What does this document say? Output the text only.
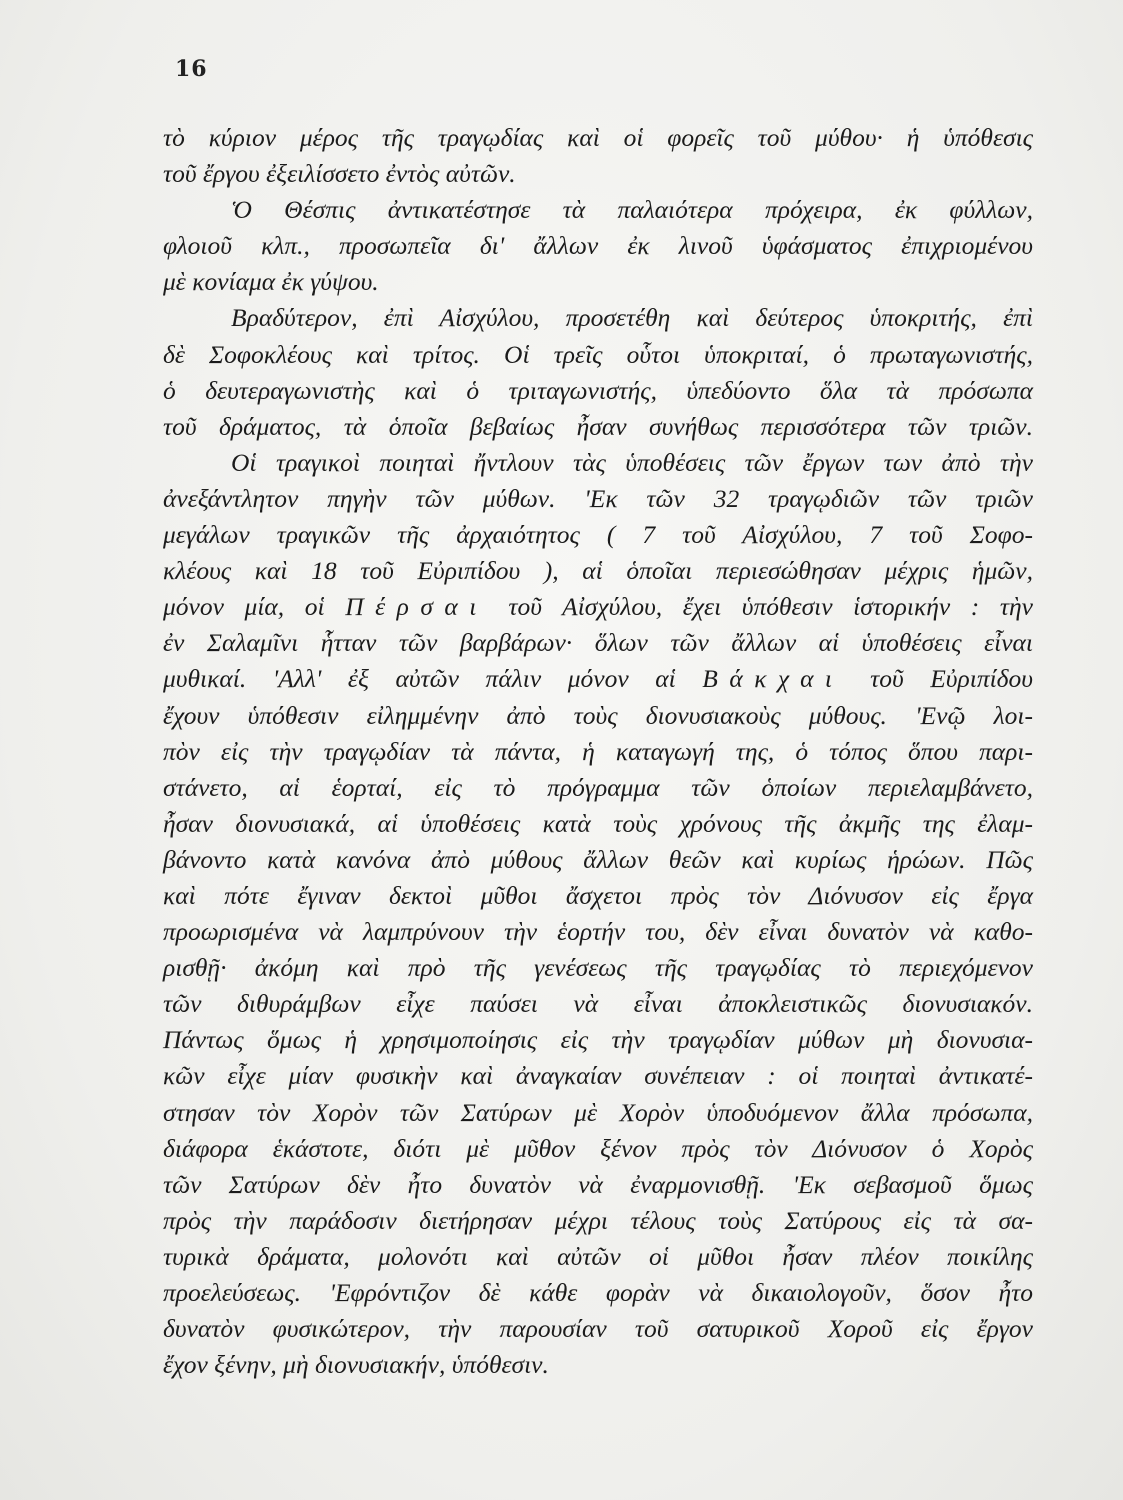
16
τὸ κύριον μέρος τῆς τραγῳδίας καὶ οἱ φορεῖς τοῦ μύθου· ἡ ὑπόθεσις
τοῦ ἔργου ἐξειλίσσετο ἐντὸς αὐτῶν.
Ὁ Θέσπις ἀντικατέστησε τὰ παλαιότερα πρόχειρα, ἐκ φύλλων,
φλοιοῦ κλπ., προσωπεῖα δι' ἄλλων ἐκ λινοῦ ὑφάσματος ἐπιχριομένου
μὲ κονίαμα ἐκ γύψου.
Βραδύτερον, ἐπὶ Αἰσχύλου, προσετέθη καὶ δεύτερος ὑποκριτής, ἐπὶ
δὲ Σοφοκλέους καὶ τρίτος. Οἱ τρεῖς οὗτοι ὑποκριταί, ὁ πρωταγωνιστής,
ὁ δευτεραγωνιστὴς καὶ ὁ τριταγωνιστής, ὑπεδύοντο ὅλα τὰ πρόσωπα
τοῦ δράματος, τὰ ὁποῖα βεβαίως ἦσαν συνήθως περισσότερα τῶν τριῶν.
Οἱ τραγικοὶ ποιηταὶ ἤντλουν τὰς ὑποθέσεις τῶν ἔργων των ἀπὸ τὴν
ἀνεξάντλητον πηγὴν τῶν μύθων. 'Εκ τῶν 32 τραγῳδιῶν τῶν τριῶν
μεγάλων τραγικῶν τῆς ἀρχαιότητος ( 7 τοῦ Αἰσχύλου, 7 τοῦ Σοφο-
κλέους καὶ 18 τοῦ Εὐριπίδου ), αἱ ὁποῖαι περιεσώθησαν μέχρις ἡμῶν,
μόνον μία, οἱ Πέρσαι τοῦ Αἰσχύλου, ἔχει ὑπόθεσιν ἱστορικήν : τὴν
ἐν Σαλαμῖνι ἧτταν τῶν βαρβάρων· ὅλων τῶν ἄλλων αἱ ὑποθέσεις εἶναι
μυθικαί. 'Αλλ' ἐξ αὐτῶν πάλιν μόνον αἱ Βάκχαι τοῦ Εὐριπίδου
ἔχουν ὑπόθεσιν εἰλημμένην ἀπὸ τοὺς διονυσιακοὺς μύθους. 'Ενῷ λοι-
πὸν εἰς τὴν τραγῳδίαν τὰ πάντα, ἡ καταγωγή της, ὁ τόπος ὅπου παρι-
στάνετο, αἱ ἑορταί, εἰς τὸ πρόγραμμα τῶν ὁποίων περιελαμβάνετο,
ἦσαν διονυσιακά, αἱ ὑποθέσεις κατὰ τοὺς χρόνους τῆς ἀκμῆς της ἐλαμ-
βάνοντο κατὰ κανόνα ἀπὸ μύθους ἄλλων θεῶν καὶ κυρίως ἡρώων. Πῶς
καὶ πότε ἔγιναν δεκτοὶ μῦθοι ἄσχετοι πρὸς τὸν Διόνυσον εἰς ἔργα
προωρισμένα νὰ λαμπρύνουν τὴν ἑορτήν του, δὲν εἶναι δυνατὸν νὰ καθο-
ρισθῇ· ἀκόμη καὶ πρὸ τῆς γενέσεως τῆς τραγῳδίας τὸ περιεχόμενον
τῶν διθυράμβων εἶχε παύσει νὰ εἶναι ἀποκλειστικῶς διονυσιακόν.
Πάντως ὅμως ἡ χρησιμοποίησις εἰς τὴν τραγῳδίαν μύθων μὴ διονυσια-
κῶν εἶχε μίαν φυσικὴν καὶ ἀναγκαίαν συνέπειαν : οἱ ποιηταὶ ἀντικατέ-
στησαν τὸν Χορὸν τῶν Σατύρων μὲ Χορὸν ὑποδυόμενον ἄλλα πρόσωπα,
διάφορα ἑκάστοτε, διότι μὲ μῦθον ξένον πρὸς τὸν Διόνυσον ὁ Χορὸς
τῶν Σατύρων δὲν ἦτο δυνατὸν νὰ ἐναρμονισθῇ. 'Εκ σεβασμοῦ ὅμως
πρὸς τὴν παράδοσιν διετήρησαν μέχρι τέλους τοὺς Σατύρους εἰς τὰ σα-
τυρικὰ δράματα, μολονότι καὶ αὐτῶν οἱ μῦθοι ἦσαν πλέον ποικίλης
προελεύσεως. 'Εφρόντιζον δὲ κάθε φορὰν νὰ δικαιολογοῦν, ὅσον ἦτο
δυνατὸν φυσικώτερον, τὴν παρουσίαν τοῦ σατυρικοῦ Χοροῦ εἰς ἔργον
ἔχον ξένην, μὴ διονυσιακήν, ὑπόθεσιν.
